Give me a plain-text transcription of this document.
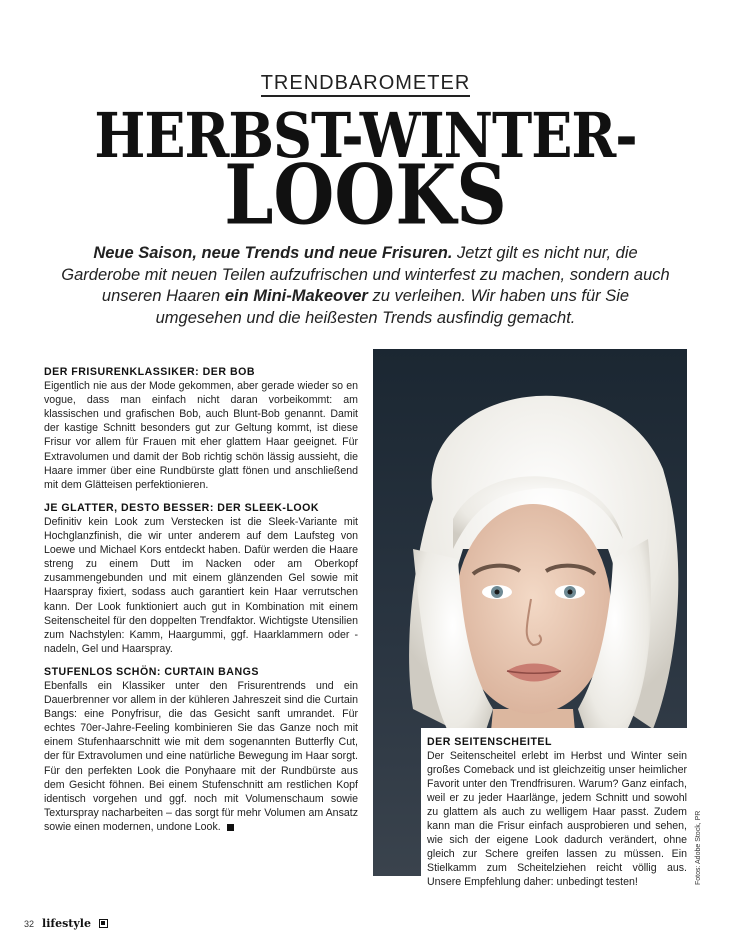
TRENDBAROMETER
HERBST-WINTER-
LOOKS
Neue Saison, neue Trends und neue Frisuren. Jetzt gilt es nicht nur, die Garderobe mit neuen Teilen aufzufrischen und winterfest zu machen, sondern auch unseren Haaren ein Mini-Makeover zu verleihen. Wir haben uns für Sie umgesehen und die heißesten Trends ausfindig gemacht.
DER FRISURENKLASSIKER: DER BOB

Eigentlich nie aus der Mode gekommen, aber gerade wieder so en vogue, dass man einfach nicht daran vorbeikommt: am klassischen und grafischen Bob, auch Blunt-Bob genannt. Damit der kastige Schnitt besonders gut zur Geltung kommt, ist diese Frisur vor allem für Frauen mit eher glattem Haar geeignet. Für Extravolumen und damit der Bob richtig schön lässig aussieht, die Haare immer über eine Rundbürste glatt fönen und anschließend mit dem Glätteisen perfektionieren.

JE GLATTER, DESTO BESSER: DER SLEEK-LOOK

Definitiv kein Look zum Verstecken ist die Sleek-Variante mit Hochglanzfinish, die wir unter anderem auf dem Laufsteg von Loewe und Michael Kors entdeckt haben. Dafür werden die Haare streng zu einem Dutt im Nacken oder am Oberkopf zusammengebunden und mit einem glänzenden Gel sowie mit Haarspray fixiert, sodass auch garantiert kein Haar verrutschen kann. Der Look funktioniert auch gut in Kombination mit einem Seitenscheitel für den doppelten Trendfaktor. Wichtigste Utensilien zum Nachstylen: Kamm, Haargummi, ggf. Haarklammern oder -nadeln, Gel und Haarspray.

STUFENLOS SCHÖN: CURTAIN BANGS

Ebenfalls ein Klassiker unter den Frisurentrends und ein Dauerbrenner vor allem in der kühleren Jahreszeit sind die Curtain Bangs: eine Ponyfrisur, die das Gesicht sanft umrandet. Für echtes 70er-Jahre-Feeling kombinieren Sie das Ganze noch mit einem Stufenhaarschnitt wie mit dem sogenannten Butterfly Cut, der für Extravolumen und eine natürliche Bewegung im Haar sorgt. Für den perfekten Look die Ponyhaare mit der Rundbürste aus dem Gesicht föhnen. Bei einem Stufenschnitt am restlichen Kopf identisch vorgehen und ggf. noch mit Volumenschaum sowie Texturspray nacharbeiten – das sorgt für mehr Volumen am Ansatz sowie einen modernen, undone Look.

DER SEITENSCHEITEL

Der Seitenscheitel erlebt im Herbst und Winter sein großes Comeback und ist gleichzeitig unser heimlicher Favorit unter den Trendfrisuren. Warum? Ganz einfach, weil er zu jeder Haarlänge, jedem Schnitt und sowohl zu glattem als auch zu welligem Haar passt. Zudem kann man die Frisur einfach ausprobieren und sehen, wie sich der eigene Look dadurch verändert, ohne gleich zur Schere greifen lassen zu müssen. Ein Stielkamm zum Scheitelziehen reicht völlig aus. Unsere Empfehlung daher: unbedingt testen!	Fotos: Adobe Stock, PR
32 lifestyle
